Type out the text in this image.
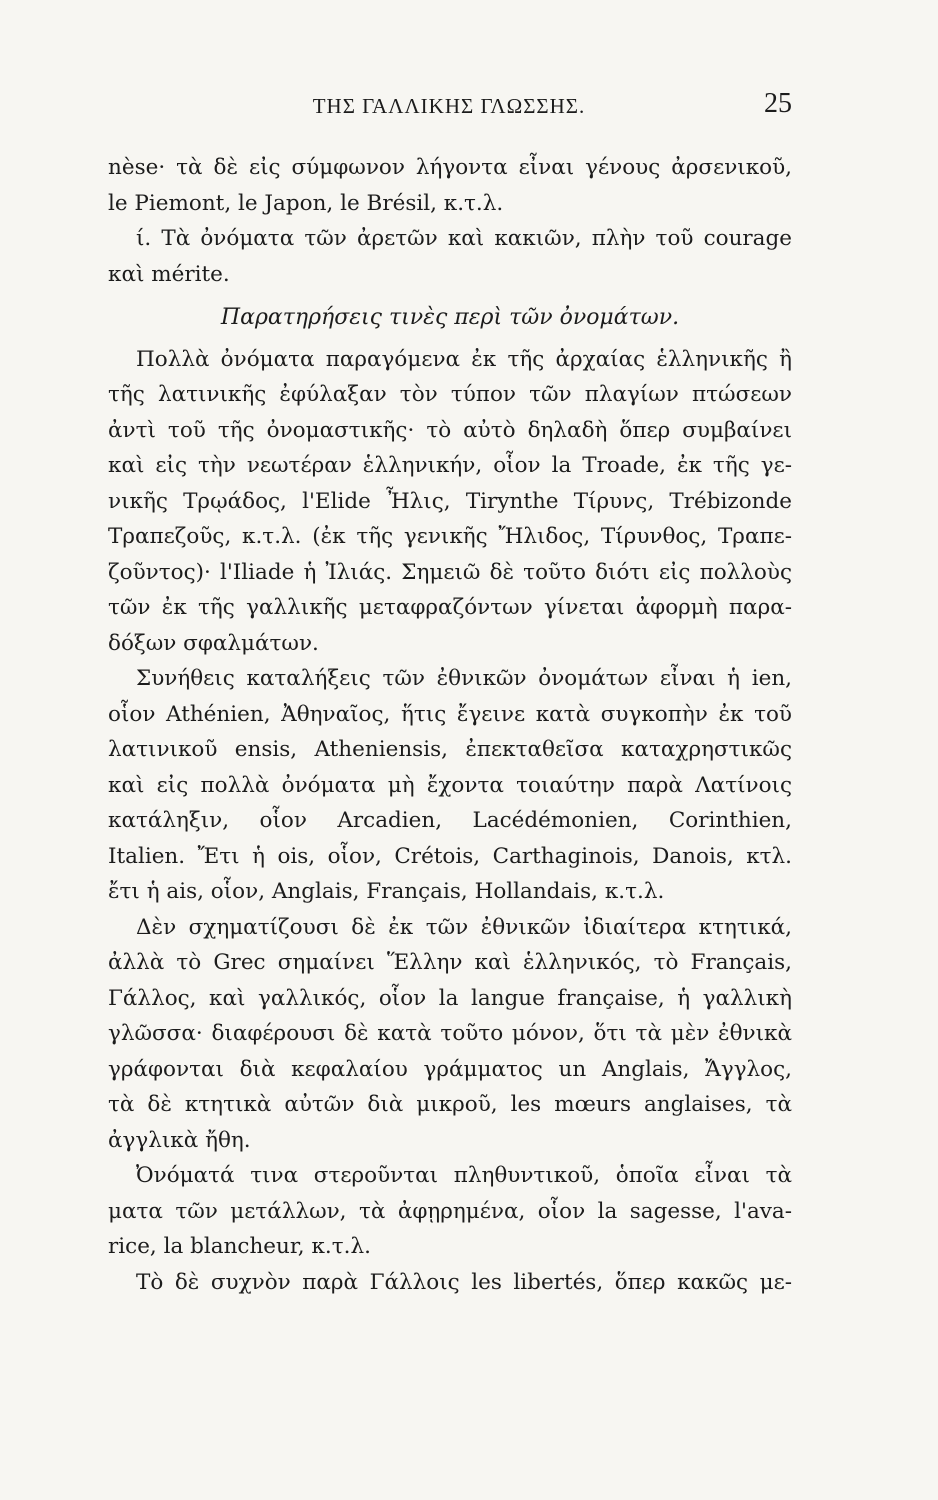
ΤΗΣ ΓΑΛΛΙΚΗΣ ΓΛΩΣΣΗΣ.	25
nèse· τὰ δὲ εἰς σύμφωνον λήγοντα εἶναι γένους ἀρσενικοῦ,
le Piemont, le Japon, le Brésil, κ.τ.λ.
ί. Τὰ ὀνόματα τῶν ἀρετῶν καὶ κακιῶν, πλὴν τοῦ courage
καὶ mérite.
Παρατηρήσεις τινὲς περὶ τῶν ὀνομάτων.
Πολλὰ ὀνόματα παραγόμενα ἐκ τῆς ἀρχαίας ἑλληνικῆς ἢ
τῆς λατινικῆς ἐφύλαξαν τὸν τύπον τῶν πλαγίων πτώσεων
ἀντὶ τοῦ τῆς ὀνομαστικῆς· τὸ αὐτὸ δηλαδὴ ὅπερ συμβαίνει
καὶ εἰς τὴν νεωτέραν ἑλληνικήν, οἷον la Troade, ἐκ τῆς γε-
νικῆς Τρῳάδος, l'Elide Ἦλις, Tirynthe Τίρυνς, Trébizonde
Τραπεζοῦς, κ.τ.λ. (ἐκ τῆς γενικῆς Ἤλιδος, Τίρυνθος, Τραπε-
ζοῦντος)· l'Iliade ἡ Ἰλιάς. Σημειῶ δὲ τοῦτο διότι εἰς πολλοὺς
τῶν ἐκ τῆς γαλλικῆς μεταφραζόντων γίνεται ἀφορμὴ παρα-
δόξων σφαλμάτων.
Συνήθεις καταλήξεις τῶν ἐθνικῶν ὀνομάτων εἶναι ἡ ien,
οἷον Athénien, Ἀθηναῖος, ἥτις ἔγεινε κατὰ συγκοπὴν ἐκ τοῦ
λατινικοῦ ensis, Atheniensis, ἐπεκταθεῖσα καταχρηστικῶς
καὶ εἰς πολλὰ ὀνόματα μὴ ἔχοντα τοιαύτην παρὰ Λατίνοις
κατάληξιν, οἷον Arcadien, Lacédémonien, Corinthien,
Italien. Ἔτι ἡ ois, οἷον, Crétois, Carthaginois, Danois, κτλ.
ἔτι ἡ ais, οἷον, Anglais, Français, Hollandais, κ.τ.λ.
Δὲν σχηματίζουσι δὲ ἐκ τῶν ἐθνικῶν ἰδιαίτερα κτητικά,
ἀλλὰ τὸ Grec σημαίνει Ἕλλην καὶ ἑλληνικός, τὸ Français,
Γάλλος, καὶ γαλλικός, οἷον la langue française, ἡ γαλλικὴ
γλῶσσα· διαφέρουσι δὲ κατὰ τοῦτο μόνον, ὅτι τὰ μὲν ἐθνικὰ
γράφονται διὰ κεφαλαίου γράμματος un Anglais, Ἄγγλος,
τὰ δὲ κτητικὰ αὐτῶν διὰ μικροῦ, les mœurs anglaises, τὰ
ἀγγλικὰ ἤθη.
Ὀνόματά τινα στεροῦνται πληθυντικοῦ, ὁποῖα εἶναι τὰ
ματα τῶν μετάλλων, τὰ ἀφῃρημένα, οἷον la sagesse, l'ava-
rice, la blancheur, κ.τ.λ.
Τὸ δὲ συχνὸν παρὰ Γάλλοις les libertés, ὅπερ κακῶς με-
